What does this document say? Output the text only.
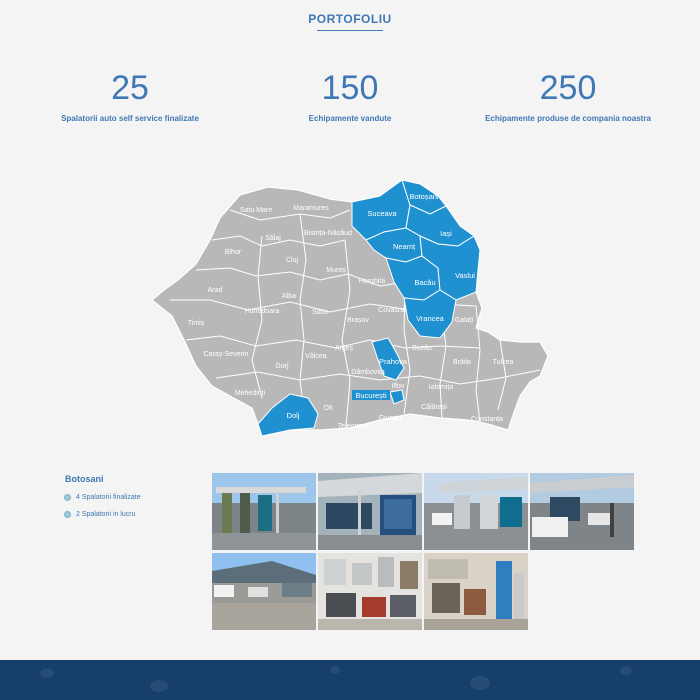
PORTOFOLIU
25
Spalatorii auto self service finalizate
150
Echipamente vandute
250
Echipamente produse de compania noastra
Satu Mare	Maramures
Sălaj
Bistrița-Năsăud
Bihor
Cluj
Mureș
Harghita
Arad
Alba
Timiș
Hunedoara	Sibiu
Brașov
Covasna
Caraș-Severin
Gorj
Vâlcea
Argeș
Dâmbovița
Buzău
Brăila	Tulcea
Galați
Mehedinți
Olt
Ialomița
Ilfov
Călărași
Giurgiu
Teleorman
Constanța
Suceava
Botoșani
Iași
Neamț
Bacău
Vaslui
Vrancea
Prahova
Dolj
București
Botosani
4 Spalatorii finalizate
2 Spalatorii in lucru
